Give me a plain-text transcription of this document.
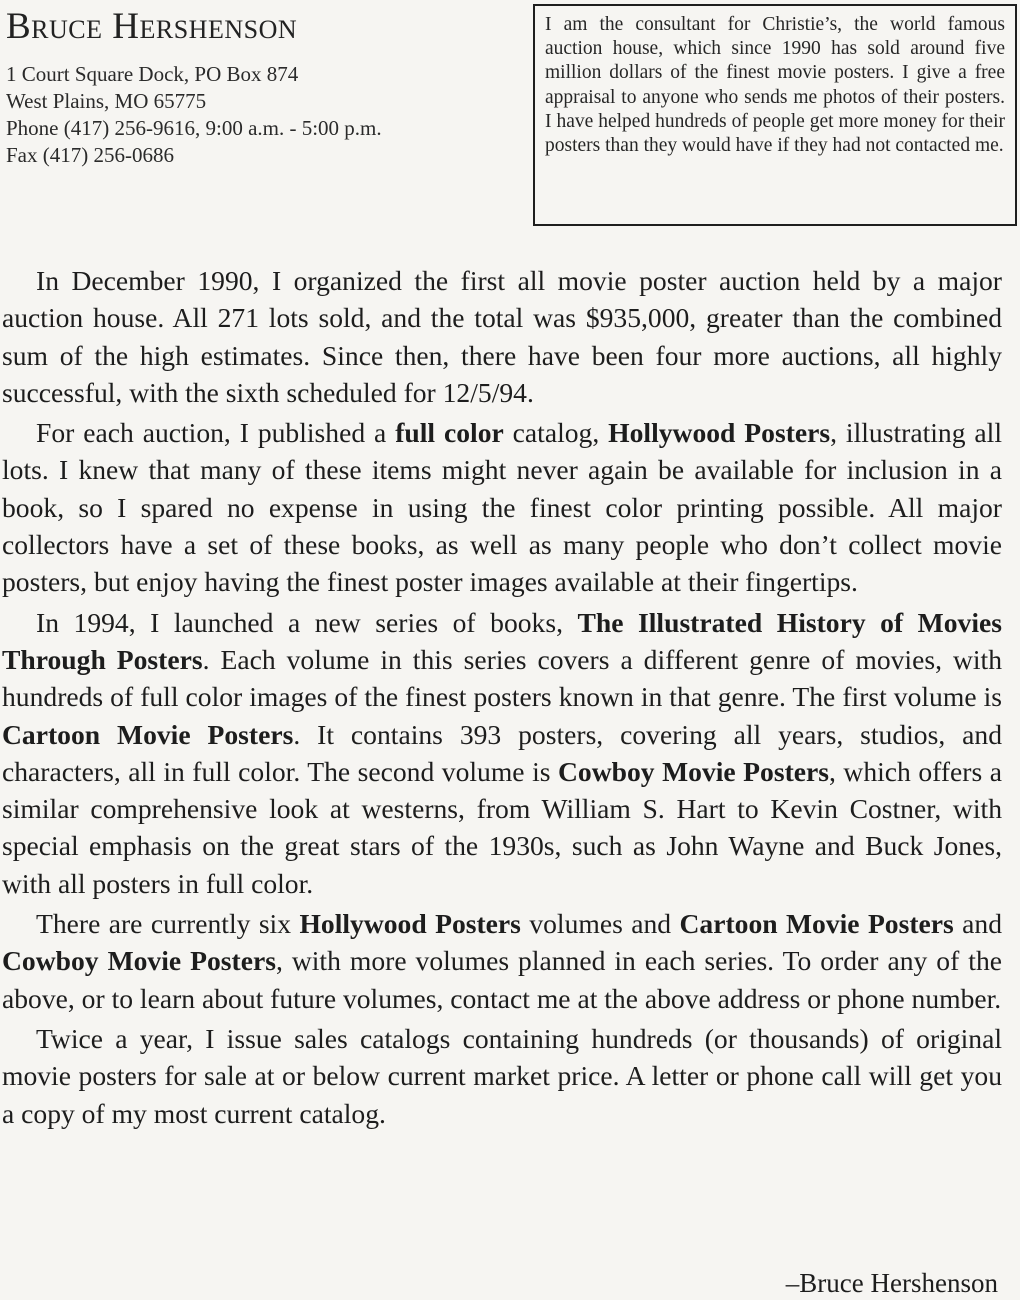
Bruce Hershenson
1 Court Square Dock, PO Box 874
West Plains, MO 65775
Phone (417) 256-9616, 9:00 a.m. - 5:00 p.m.
Fax (417) 256-0686
I am the consultant for Christie’s, the world famous auction house, which since 1990 has sold around five million dollars of the finest movie posters. I give a free appraisal to anyone who sends me photos of their posters. I have helped hundreds of people get more money for their posters than they would have if they had not contacted me.

In December 1990, I organized the first all movie poster auction held by a major auction house. All 271 lots sold, and the total was $935,000, greater than the combined sum of the high estimates. Since then, there have been four more auctions, all highly successful, with the sixth scheduled for 12/5/94.

For each auction, I published a full color catalog, Hollywood Posters, illustrating all lots. I knew that many of these items might never again be available for inclusion in a book, so I spared no expense in using the finest color printing possible. All major collectors have a set of these books, as well as many people who don’t collect movie posters, but enjoy having the finest poster images available at their fingertips.

In 1994, I launched a new series of books, The Illustrated History of Movies Through Posters. Each volume in this series covers a different genre of movies, with hundreds of full color images of the finest posters known in that genre. The first volume is Cartoon Movie Posters. It contains 393 posters, covering all years, studios, and characters, all in full color. The second volume is Cowboy Movie Posters, which offers a similar comprehensive look at westerns, from William S. Hart to Kevin Costner, with special emphasis on the great stars of the 1930s, such as John Wayne and Buck Jones, with all posters in full color.

There are currently six Hollywood Posters volumes and Cartoon Movie Posters and Cowboy Movie Posters, with more volumes planned in each series. To order any of the above, or to learn about future volumes, contact me at the above address or phone number.

Twice a year, I issue sales catalogs containing hundreds (or thousands) of original movie posters for sale at or below current market price. A letter or phone call will get you a copy of my most current catalog.

–Bruce Hershenson
